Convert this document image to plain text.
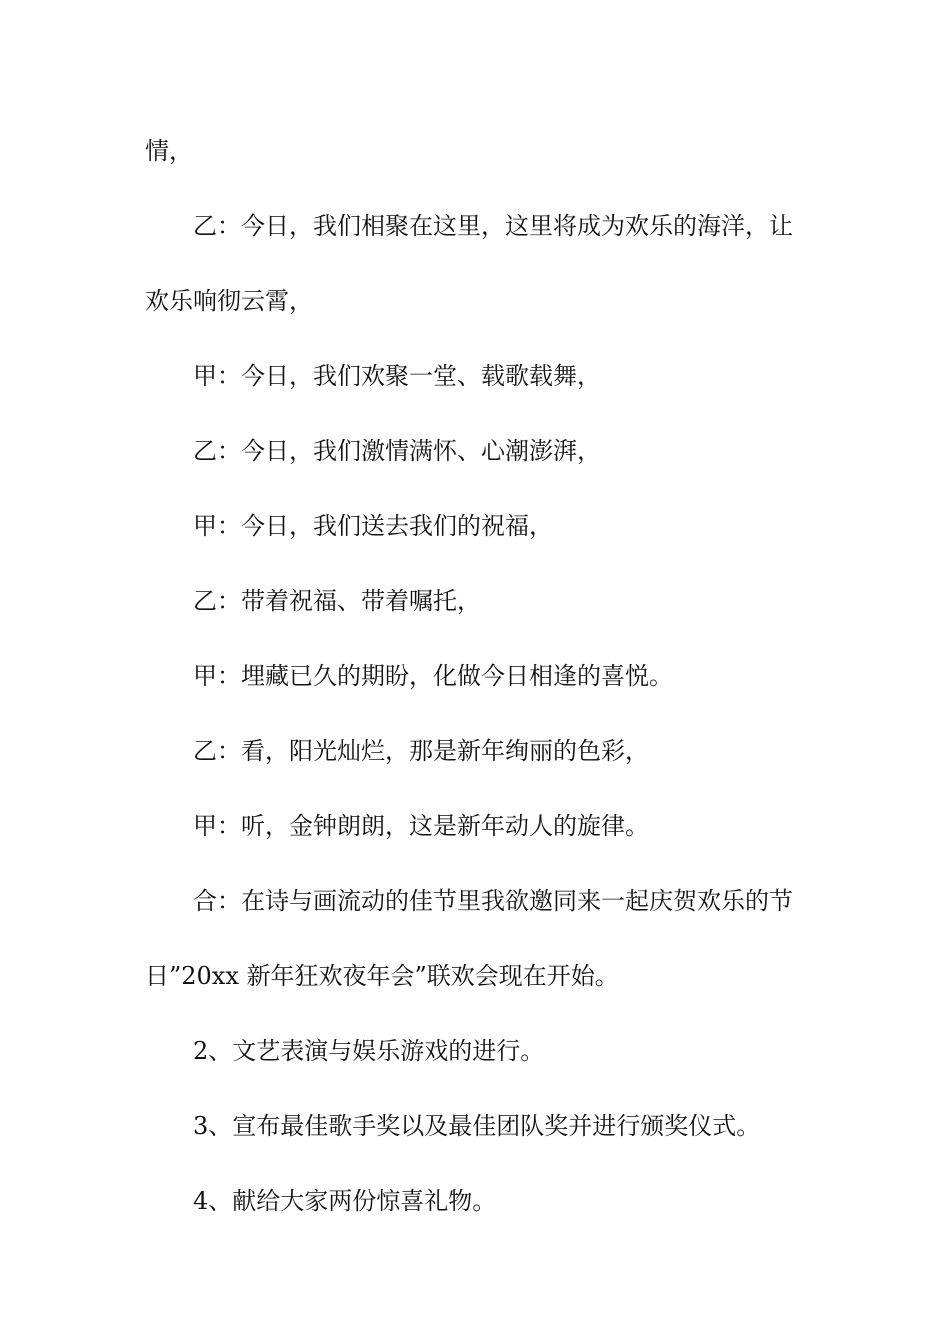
情，
乙：今日，我们相聚在这里，这里将成为欢乐的海洋，让
欢乐响彻云霄，
甲：今日，我们欢聚一堂、载歌载舞，
乙：今日，我们激情满怀、心潮澎湃，
甲：今日，我们送去我们的祝福，
乙：带着祝福、带着嘱托，
甲：埋藏已久的期盼，化做今日相逢的喜悦。
乙：看，阳光灿烂，那是新年绚丽的色彩，
甲：听，金钟朗朗，这是新年动人的旋律。
合：在诗与画流动的佳节里我欲邀同来一起庆贺欢乐的节
日”20xx 新年狂欢夜年会”联欢会现在开始。
2、文艺表演与娱乐游戏的进行。
3、宣布最佳歌手奖以及最佳团队奖并进行颁奖仪式。
4、献给大家两份惊喜礼物。
